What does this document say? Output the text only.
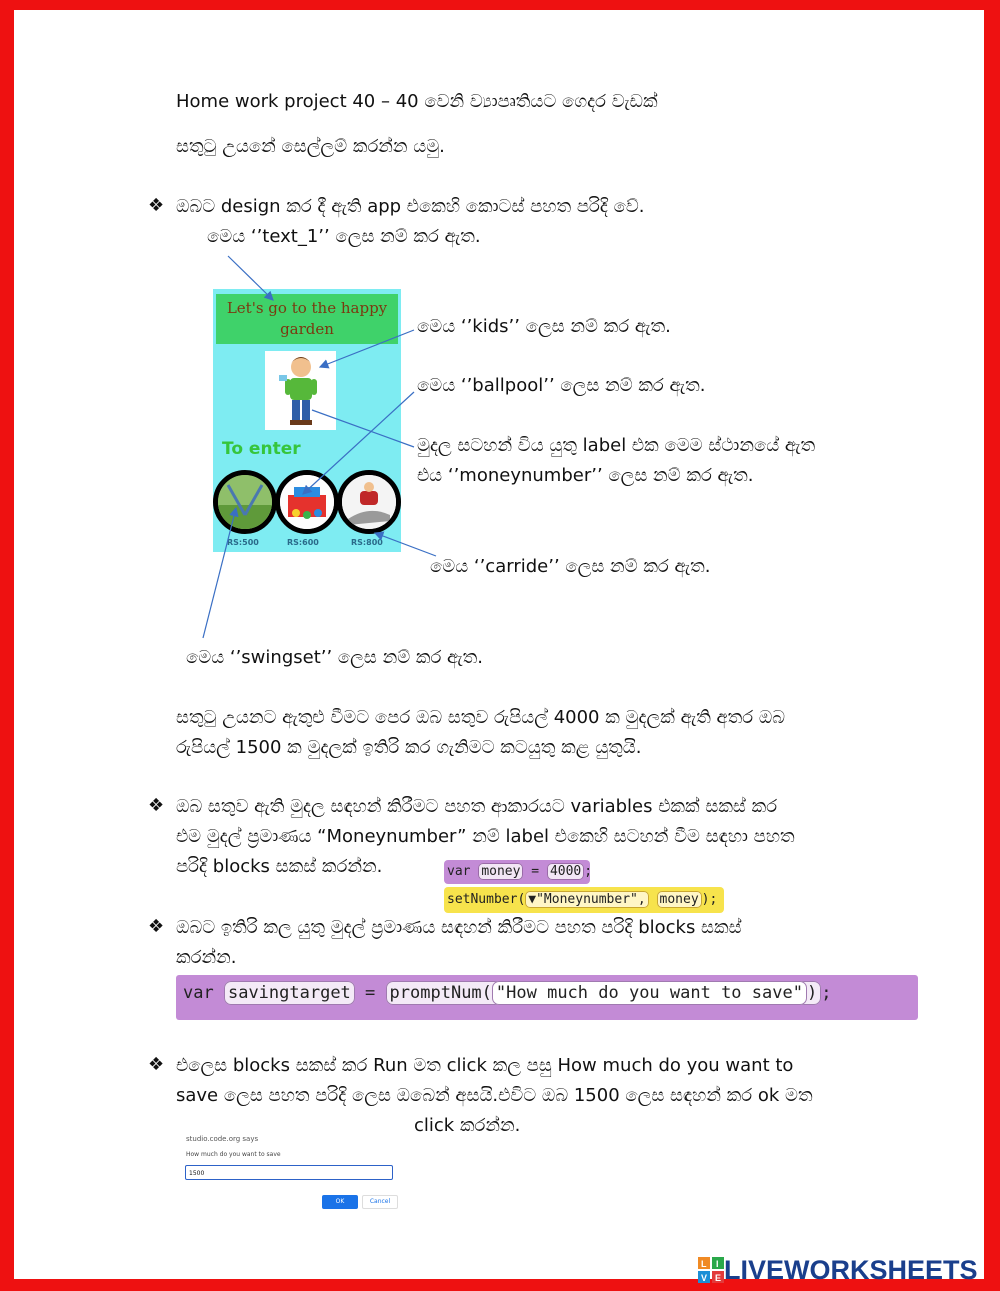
Home work project 40 – 40 වෙනි ව්‍යාපෘතියට ගෙදර වැඩක්
සතුටු උයනේ සෙල්ලම් කරන්න යමු.
❖ ඔබට design කර දී ඇති app එකෙහි කොටස් පහත පරිදි වේ.
මෙය ‘’text_1’’ ලෙස නම් කර ඇත.
Let's go to the happy garden
To enter
RS:500	RS:600	RS:800
මෙය ‘’kids’’ ලෙස නම් කර ඇත.
මෙය ‘’ballpool’’ ලෙස නම් කර ඇත.
මුදල සටහන් විය යුතු label එක මෙම ස්ථානයේ ඇත
එය ‘’moneynumber’’ ලෙස නම් කර ඇත.
මෙය ‘’carride’’ ලෙස නම් කර ඇත.
මෙය ‘’swingset’’ ලෙස නම් කර ඇත.
සතුටු උයනට ඇතුළු වීමට පෙර ඔබ සතුව රුපියල් 4000 ක මුදලක් ඇති අතර ඔබ
රුපියල් 1500 ක මුදලක් ඉතිරි කර ගැනිමට කටයුතු කළ යුතුයි.
❖ ඔබ සතුව ඇති මුදල සඳහන් කිරීමට පහත ආකාරයට variables එකක් සකස් කර
එම මුදල් ප්‍රමාණය “Moneynumber” නම් label එකෙහි සටහන් වීම සඳහා පහත
පරිදි blocks සකස් කරන්න.	var money = 4000 ;
setNumber( ▼"Moneynumber", money );
❖ ඔබට ඉතිරි කල යුතු මුදල් ප්‍රමාණය සඳහන් කිරීමට පහත පරිදි blocks සකස්
කරන්න.
var savingtarget = promptNum( "How much do you want to save" ) ;
❖ එලෙස blocks සකස් කර Run මත click කල පසු How much do you want to
save ලෙස පහත පරිදි ලෙස ඔබෙන් අසයි.එවිට ඔබ 1500 ලෙස සඳහන් කර ok මත
click කරන්න.
studio.code.org says
How much do you want to save
1500
OK	Cancel
L I
V E LIVEWORKSHEETS
